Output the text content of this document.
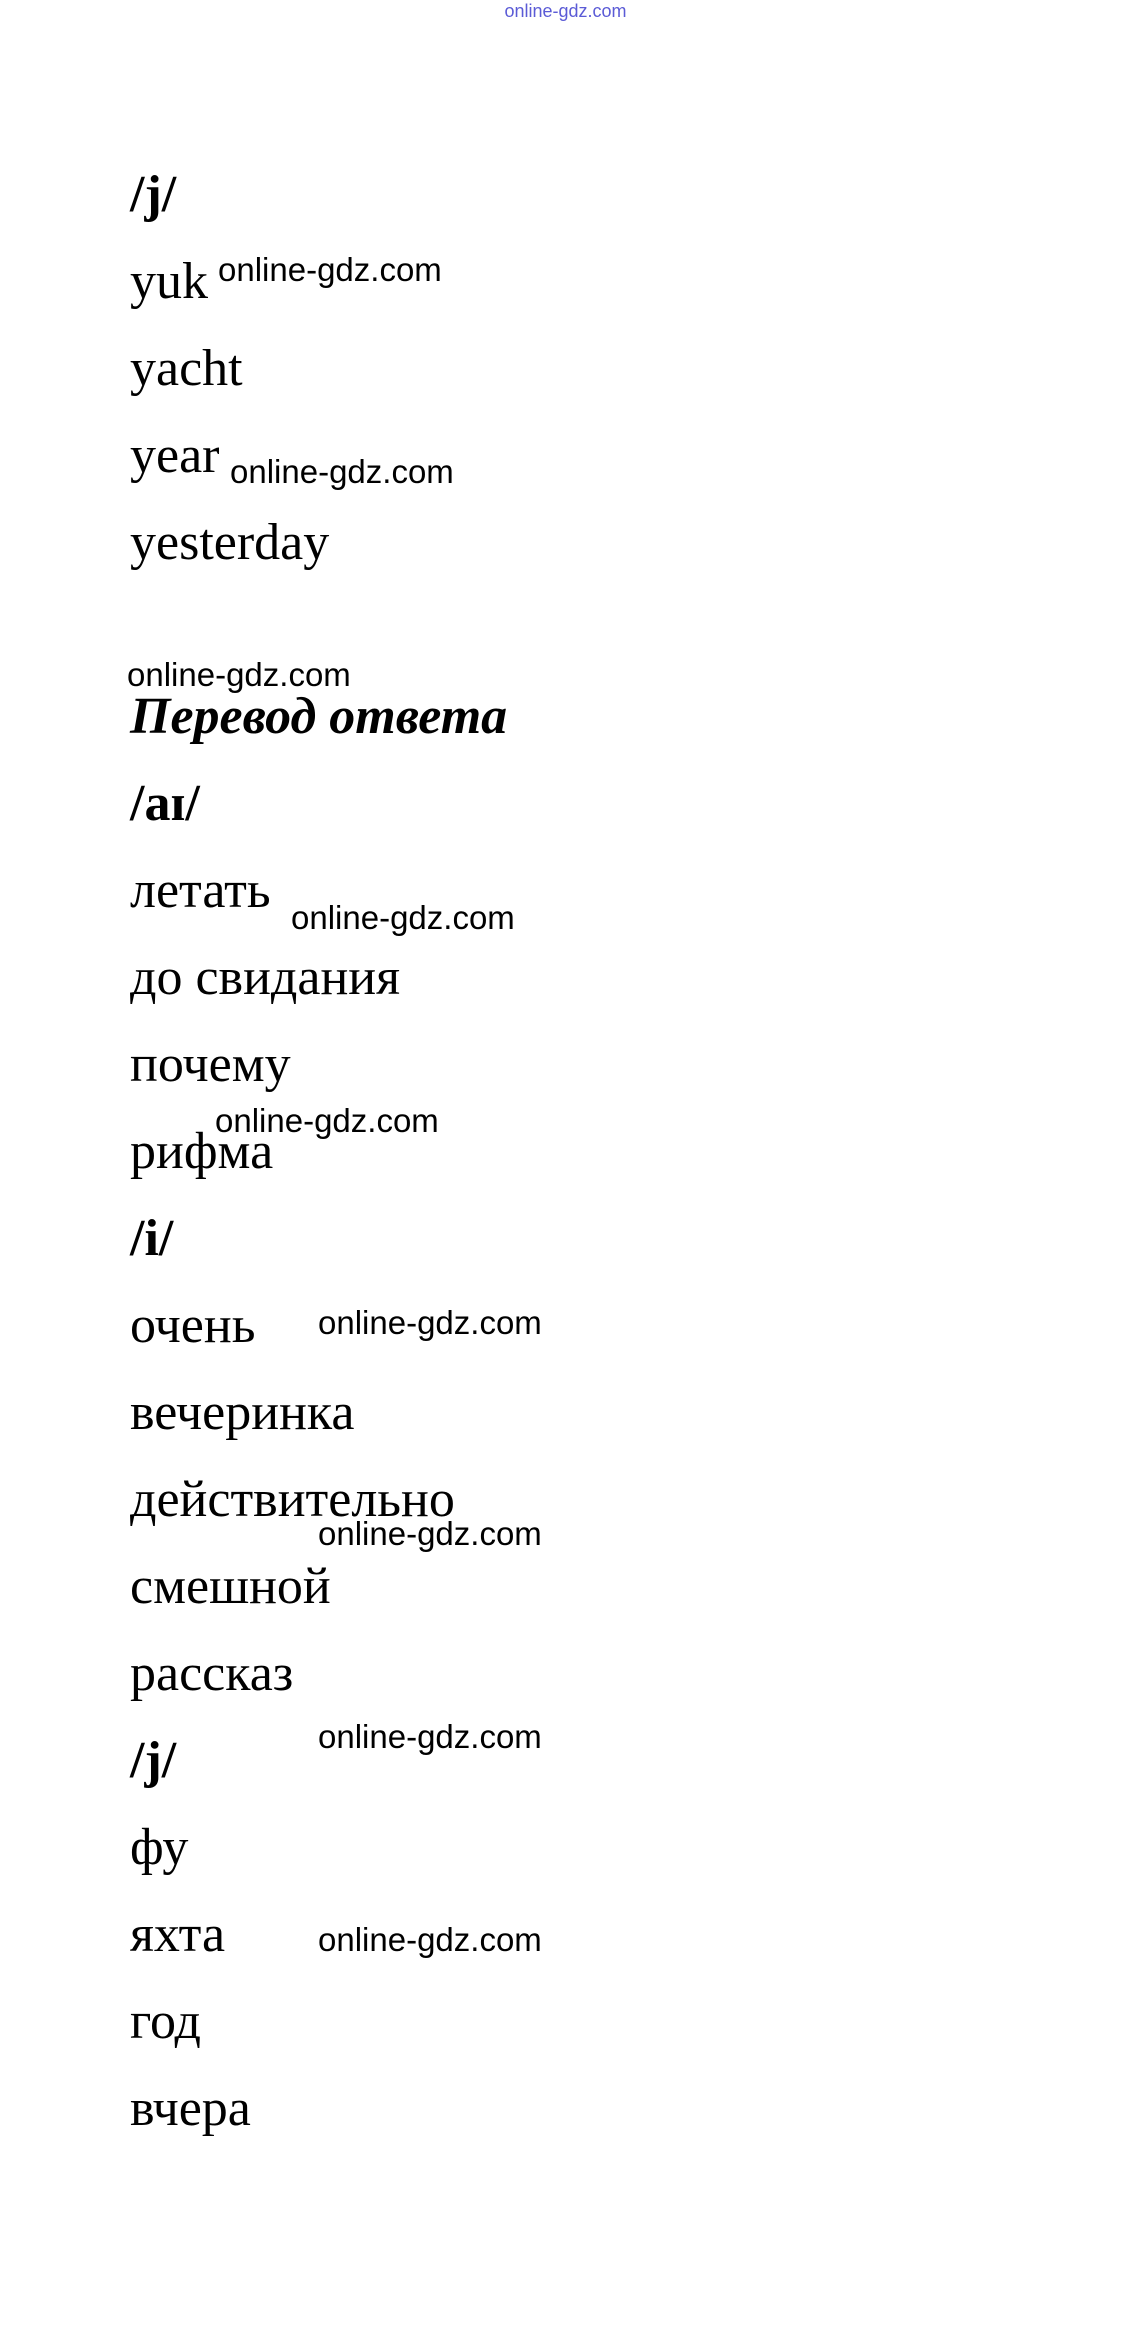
online-gdz.com
/j/
yuk
yacht
year
yesterday
Перевод ответа
/aɪ/
летать
до свидания
почему
рифма
/i/
очень
вечеринка
действительно
смешной
рассказ
/j/
фу
яхта
год
вчера
online-gdz.com
online-gdz.com
online-gdz.com
online-gdz.com
online-gdz.com
online-gdz.com
online-gdz.com
online-gdz.com
online-gdz.com
